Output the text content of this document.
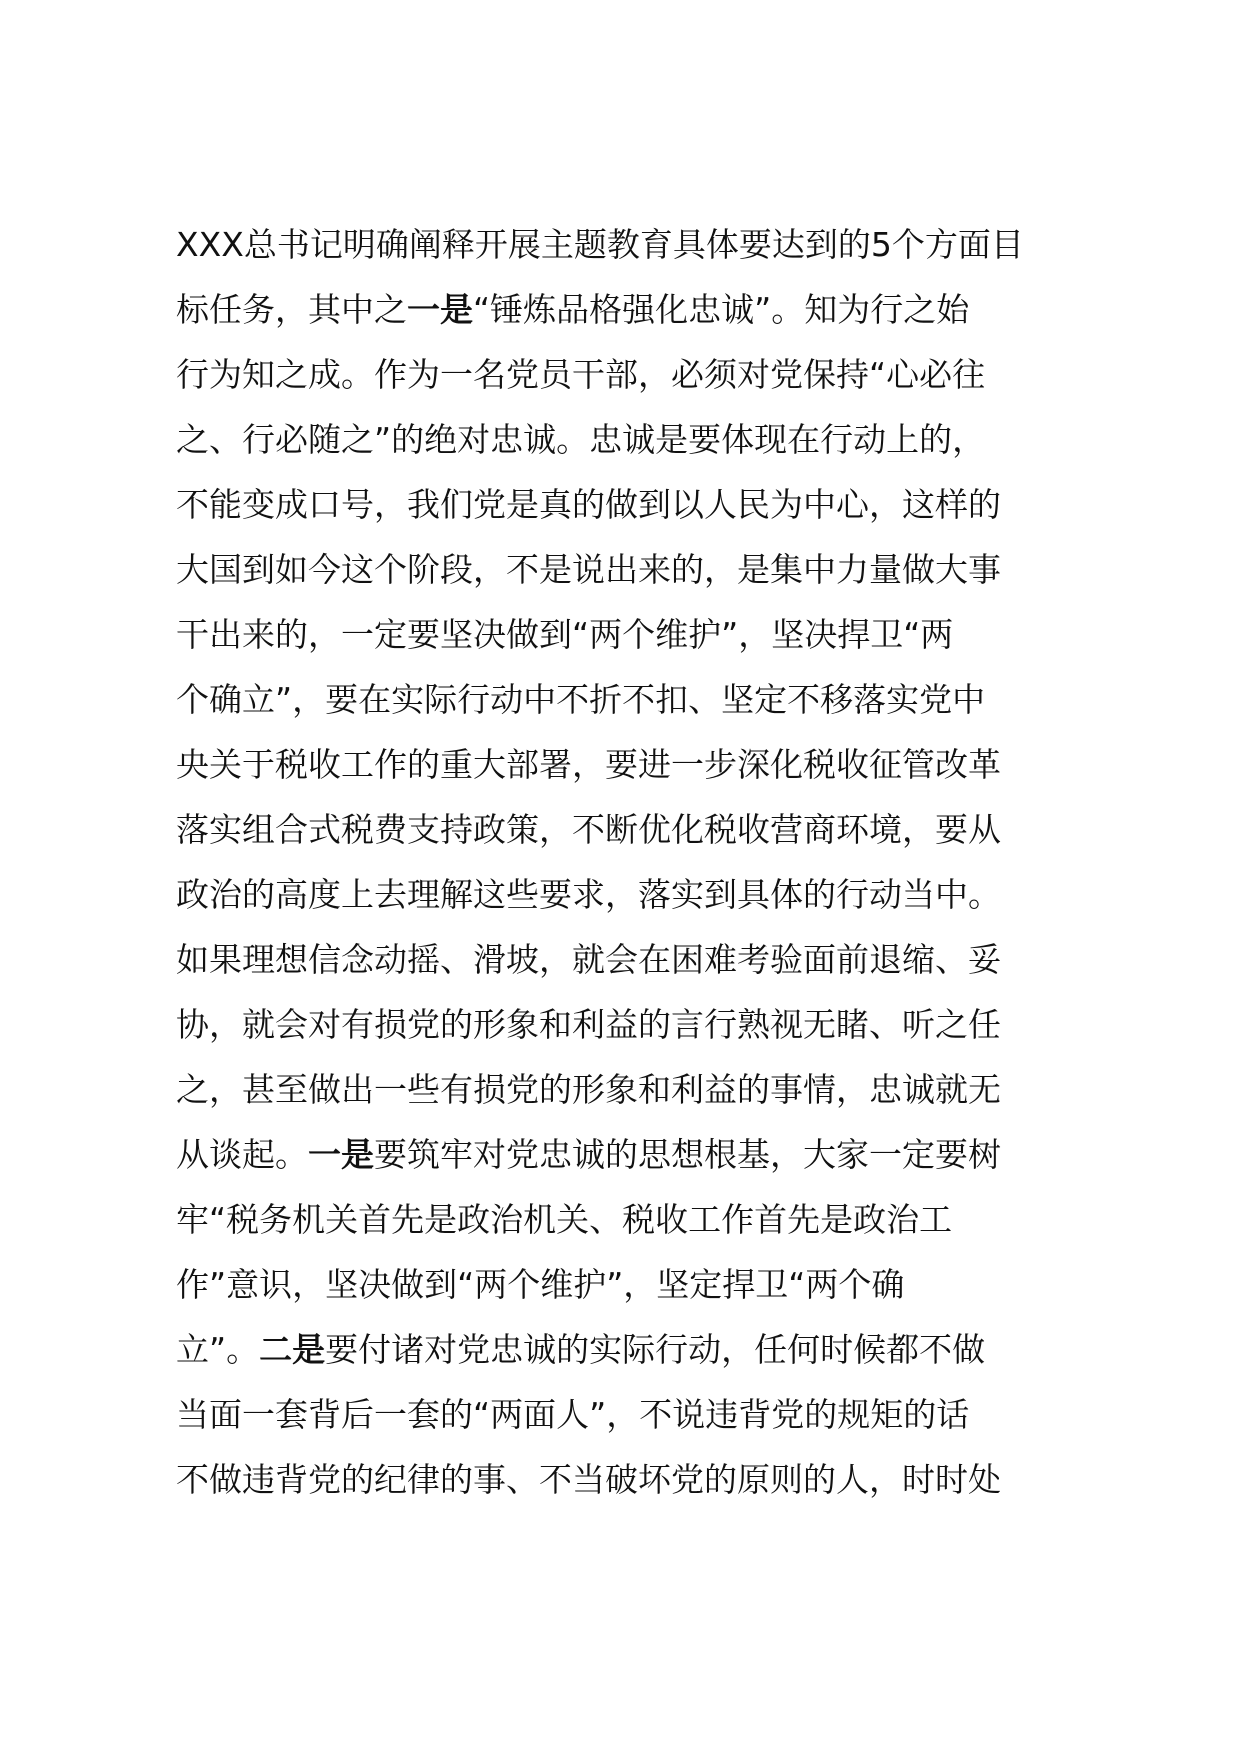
XXX总书记明确阐释开展主题教育具体要达到的5个方面目
标任务，其中之一是“锤炼品格强化忠诚”。知为行之始
行为知之成。作为一名党员干部，必须对党保持“心必往
之、行必随之”的绝对忠诚。忠诚是要体现在行动上的，
不能变成口号，我们党是真的做到以人民为中心，这样的
大国到如今这个阶段，不是说出来的，是集中力量做大事
干出来的，一定要坚决做到“两个维护”，坚决捍卫“两
个确立”，要在实际行动中不折不扣、坚定不移落实党中
央关于税收工作的重大部署，要进一步深化税收征管改革
落实组合式税费支持政策，不断优化税收营商环境，要从
政治的高度上去理解这些要求，落实到具体的行动当中。
如果理想信念动摇、滑坡，就会在困难考验面前退缩、妥
协，就会对有损党的形象和利益的言行熟视无睹、听之任
之，甚至做出一些有损党的形象和利益的事情，忠诚就无
从谈起。一是要筑牢对党忠诚的思想根基，大家一定要树
牢“税务机关首先是政治机关、税收工作首先是政治工
作”意识，坚决做到“两个维护”，坚定捍卫“两个确
立”。二是要付诸对党忠诚的实际行动，任何时候都不做
当面一套背后一套的“两面人”，不说违背党的规矩的话
不做违背党的纪律的事、不当破坏党的原则的人，时时处
